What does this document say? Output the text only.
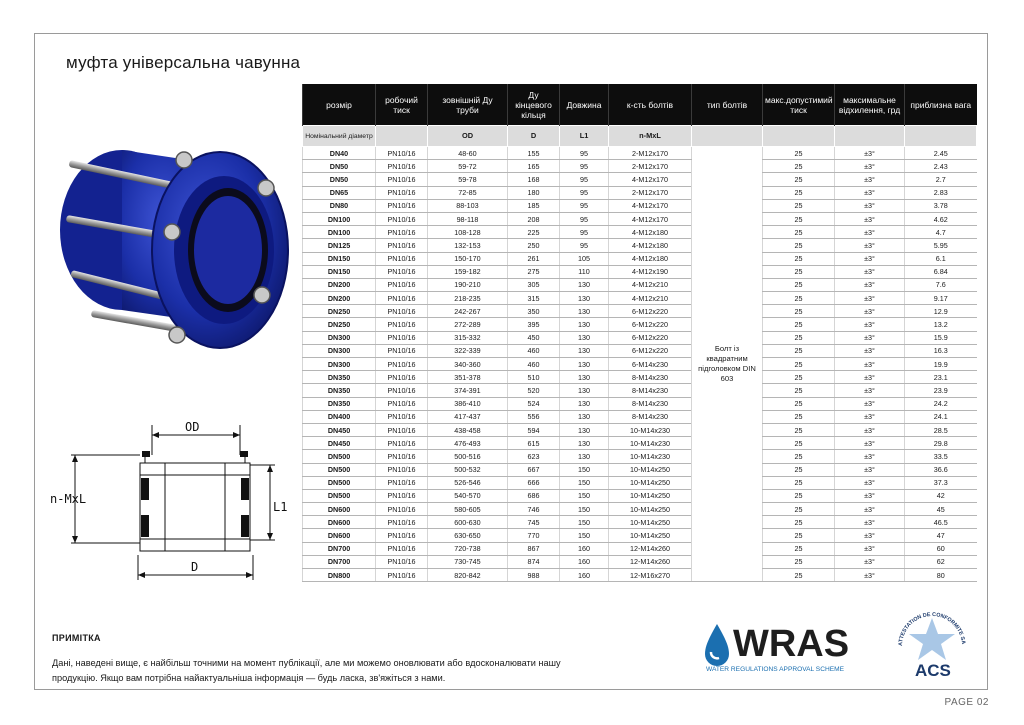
муфта універсальна чавунна
OD
n-MxL
L1
D
розмір	робочий тиск	зовнішній Ду труби	Ду кінцевого кільця	Довжина	к-сть болтів	тип болтів	макс.допустимий тиск	максимальне відхилення, грд	приблизна вага
Номінальний діаметр		OD	D	L1	n-MxL				
DN40	PN10/16	48-60	155	95	2-M12x170	Болт із квадратним підголовком DIN 603	25	±3°	2.45
DN50	PN10/16	59-72	165	95	2-M12x170		25	±3°	2.43
DN50	PN10/16	59-78	168	95	4-M12x170		25	±3°	2.7
DN65	PN10/16	72-85	180	95	2-M12x170		25	±3°	2.83
DN80	PN10/16	88-103	185	95	4-M12x170		25	±3°	3.78
DN100	PN10/16	98-118	208	95	4-M12x170		25	±3°	4.62
DN100	PN10/16	108-128	225	95	4-M12x180		25	±3°	4.7
DN125	PN10/16	132-153	250	95	4-M12x180		25	±3°	5.95
DN150	PN10/16	150-170	261	105	4-M12x180		25	±3°	6.1
DN150	PN10/16	159-182	275	110	4-M12x190		25	±3°	6.84
DN200	PN10/16	190-210	305	130	4-M12x210		25	±3°	7.6
DN200	PN10/16	218-235	315	130	4-M12x210		25	±3°	9.17
DN250	PN10/16	242-267	350	130	6-M12x220		25	±3°	12.9
DN250	PN10/16	272-289	395	130	6-M12x220		25	±3°	13.2
DN300	PN10/16	315-332	450	130	6-M12x220		25	±3°	15.9
DN300	PN10/16	322-339	460	130	6-M12x220		25	±3°	16.3
DN300	PN10/16	340-360	460	130	6-M14x230		25	±3°	19.9
DN350	PN10/16	351-378	510	130	8-M14x230		25	±3°	23.1
DN350	PN10/16	374-391	520	130	8-M14x230		25	±3°	23.9
DN350	PN10/16	386-410	524	130	8-M14x230		25	±3°	24.2
DN400	PN10/16	417-437	556	130	8-M14x230		25	±3°	24.1
DN450	PN10/16	438-458	594	130	10-M14x230		25	±3°	28.5
DN450	PN10/16	476-493	615	130	10-M14x230		25	±3°	29.8
DN500	PN10/16	500-516	623	130	10-M14x230		25	±3°	33.5
DN500	PN10/16	500-532	667	150	10-M14x250		25	±3°	36.6
DN500	PN10/16	526-546	666	150	10-M14x250		25	±3°	37.3
DN500	PN10/16	540-570	686	150	10-M14x250		25	±3°	42
DN600	PN10/16	580-605	746	150	10-M14x250		25	±3°	45
DN600	PN10/16	600-630	745	150	10-M14x250		25	±3°	46.5
DN600	PN10/16	630-650	770	150	10-M14x250		25	±3°	47
DN700	PN10/16	720-738	867	160	12-M14x260		25	±3°	60
DN700	PN10/16	730-745	874	160	12-M14x260		25	±3°	62
DN800	PN10/16	820-842	988	160	12-M16x270		25	±3°	80
ПРИМІТКА
Дані, наведені вище, є найбільш точними на момент публікації, але ми можемо оновлювати або вдосконалювати нашу продукцію. Якщо вам потрібна найактуальніша інформація — будь ласка, зв'яжіться з нами.
WRAS
WATER REGULATIONS APPROVAL SCHEME
ATTESTATION DE CONFORMITE SA
ACS
PAGE 02
